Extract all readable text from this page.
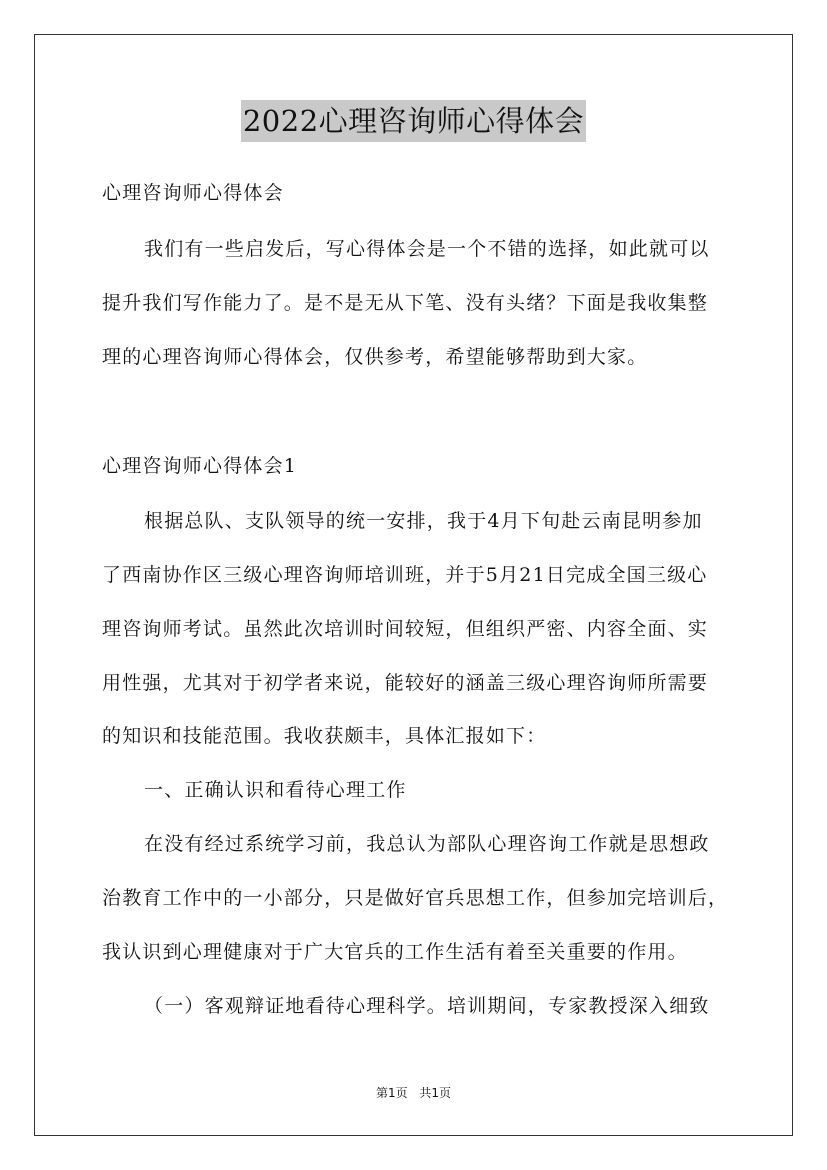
2022心理咨询师心得体会
心理咨询师心得体会
我们有一些启发后，写心得体会是一个不错的选择，如此就可以
提升我们写作能力了。是不是无从下笔、没有头绪？下面是我收集整
理的心理咨询师心得体会，仅供参考，希望能够帮助到大家。
心理咨询师心得体会1
根据总队、支队领导的统一安排，我于4月下旬赴云南昆明参加
了西南协作区三级心理咨询师培训班，并于5月21日完成全国三级心
理咨询师考试。虽然此次培训时间较短，但组织严密、内容全面、实
用性强，尤其对于初学者来说，能较好的涵盖三级心理咨询师所需要
的知识和技能范围。我收获颇丰，具体汇报如下：
一、正确认识和看待心理工作
在没有经过系统学习前，我总认为部队心理咨询工作就是思想政
治教育工作中的一小部分，只是做好官兵思想工作，但参加完培训后，
我认识到心理健康对于广大官兵的工作生活有着至关重要的作用。
（一）客观辩证地看待心理科学。培训期间，专家教授深入细致
第1页 共1页
